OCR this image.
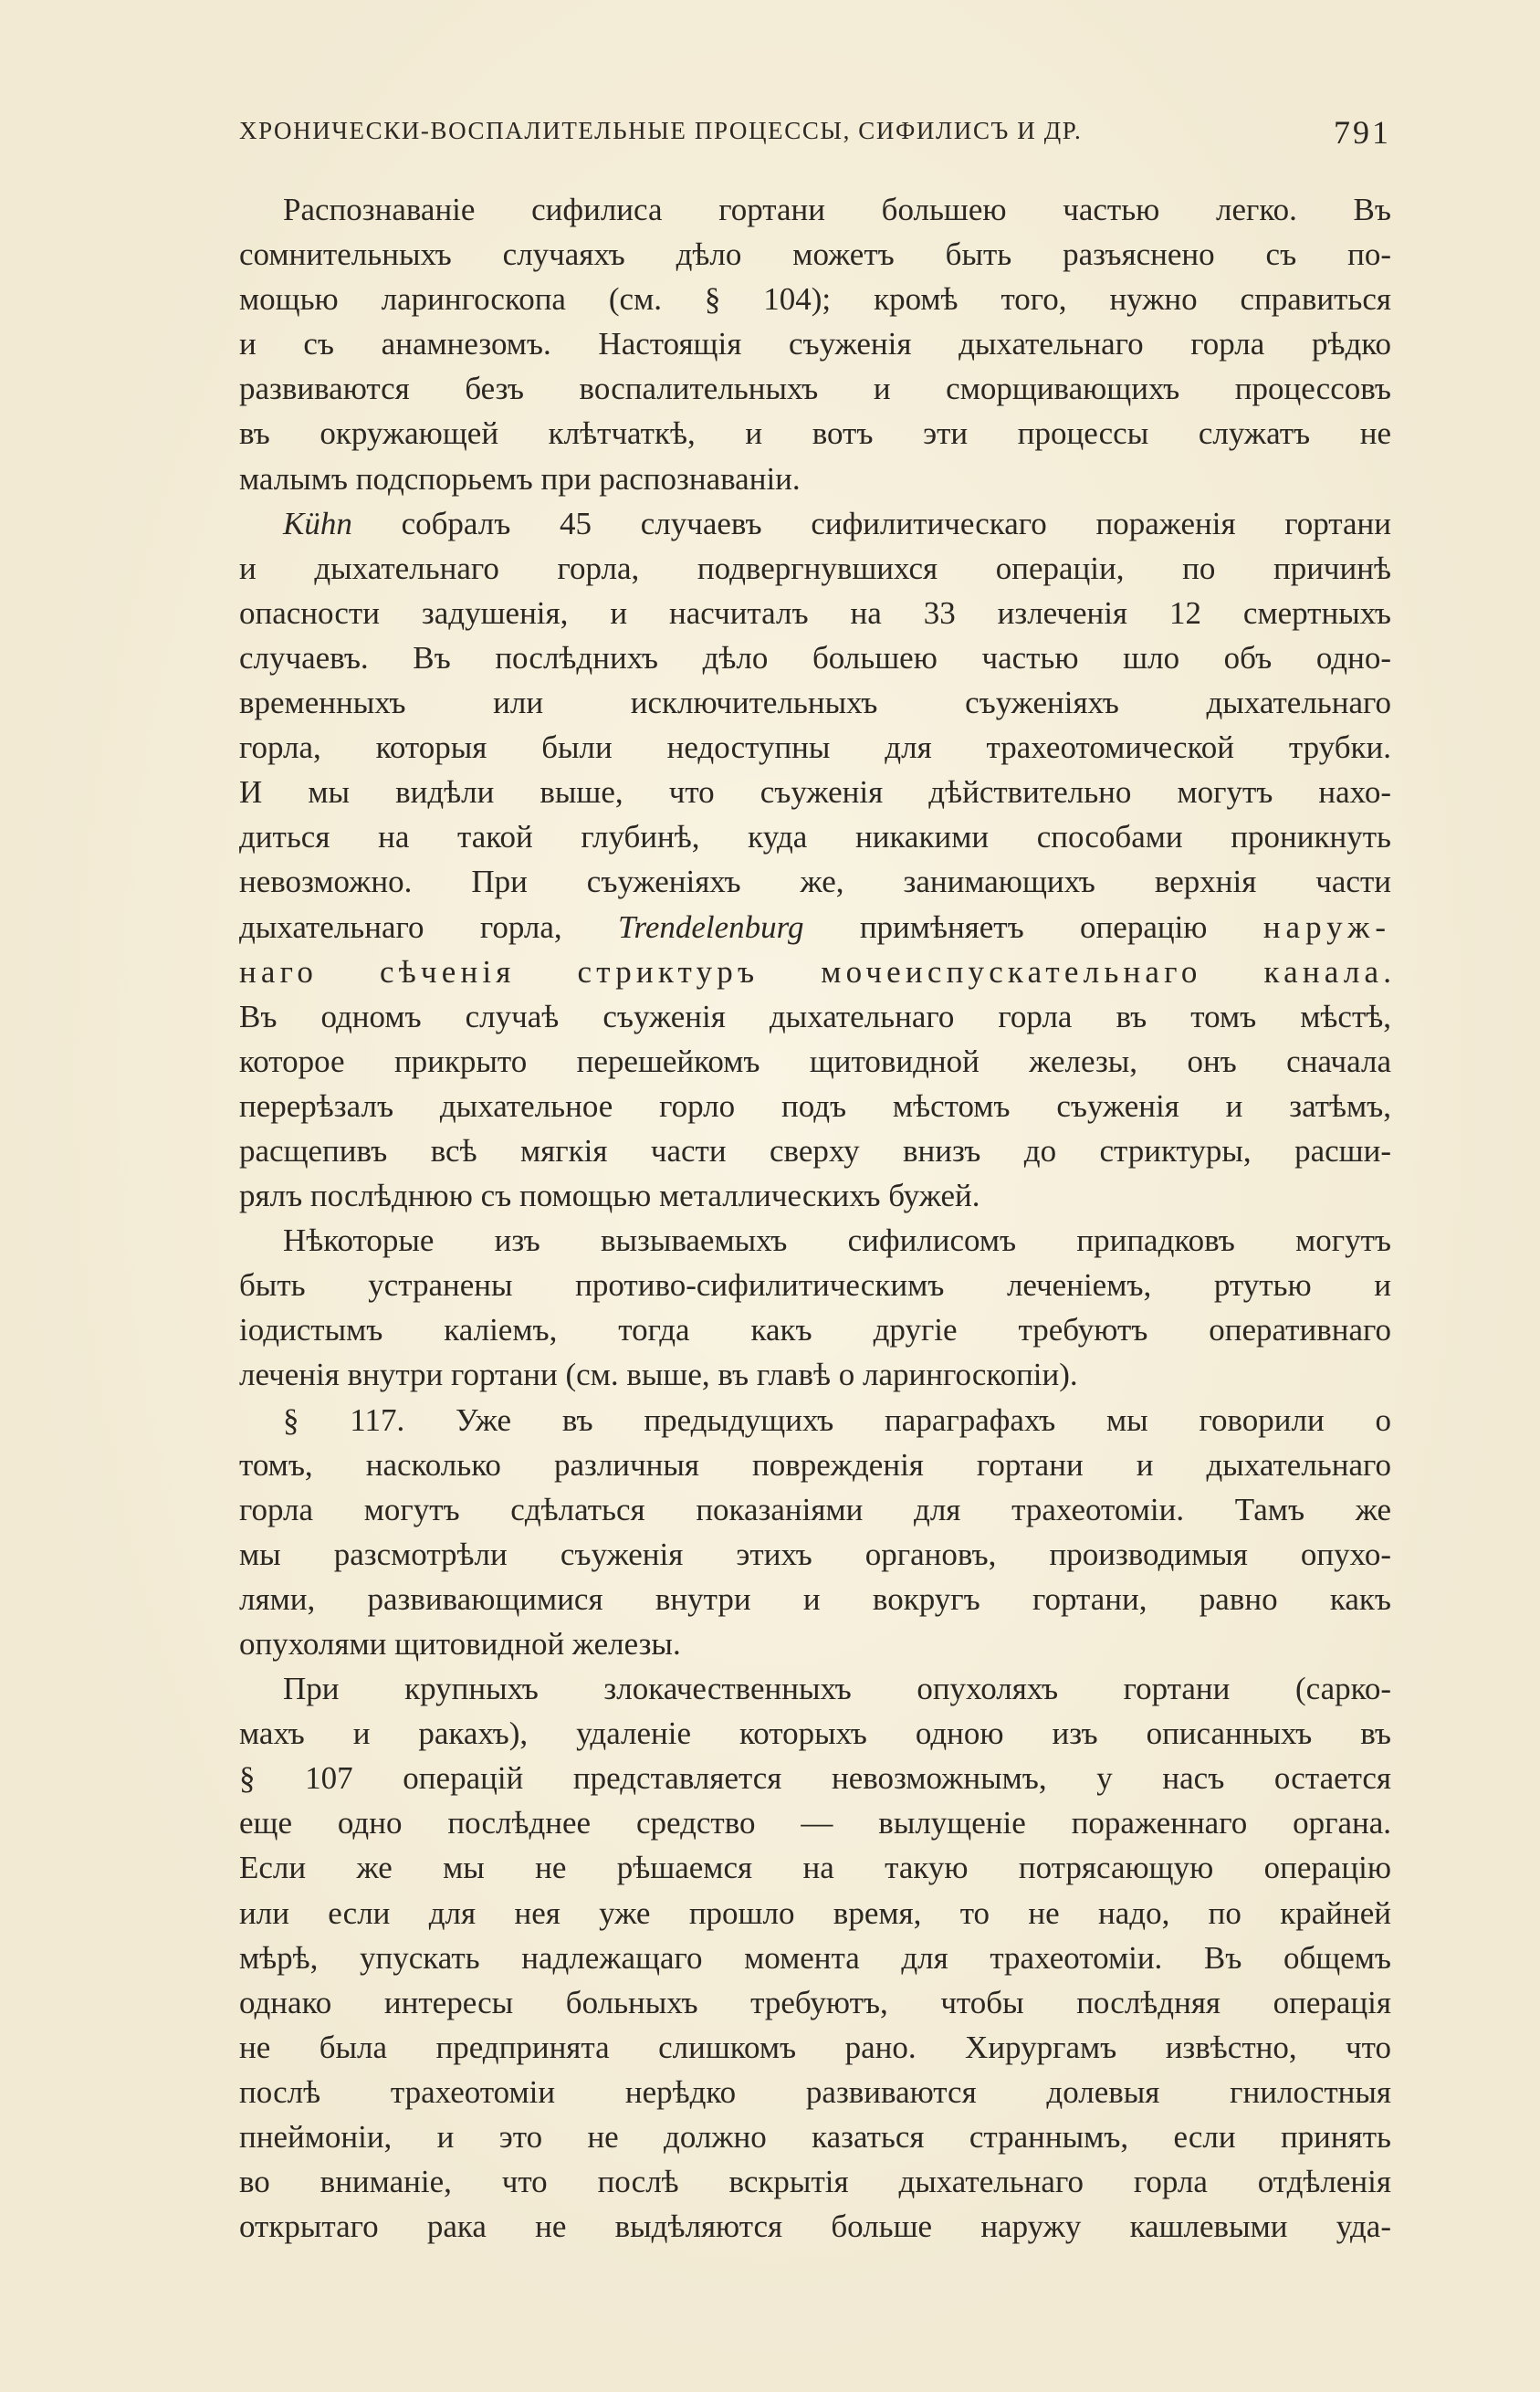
ХРОНИЧЕСКИ-ВОСПАЛИТЕЛЬНЫЕ ПРОЦЕССЫ, СИФИЛИСЪ И ДР.	791
Распознаванiе сифилиса гортани большею частью легко. Въ
сомнительныхъ случаяхъ дѣло можетъ быть разъяснено съ по-
мощью ларингоскопа (см. § 104); кромѣ того, нужно справиться
и съ анамнезомъ. Настоящiя съуженiя дыхательнаго горла рѣдко
развиваются безъ воспалительныхъ и сморщивающихъ процессовъ
въ окружающей клѣтчаткѣ, и вотъ эти процессы служатъ не
малымъ подспорьемъ при распознаванiи.
Kühn собралъ 45 случаевъ сифилитическаго пораженiя гортани
и дыхательнаго горла, подвергнувшихся операцiи, по причинѣ
опасности задушенiя, и насчиталъ на 33 излеченiя 12 смертныхъ
случаевъ. Въ послѣднихъ дѣло большею частью шло объ одно-
временныхъ или исключительныхъ съуженiяхъ дыхательнаго
горла, которыя были недоступны для трахеотомической трубки.
И мы видѣли выше, что съуженiя дѣйствительно могутъ нахо-
диться на такой глубинѣ, куда никакими способами проникнуть
невозможно. При съуженiяхъ же, занимающихъ верхнiя части
дыхательнаго горла, Trendelenburg примѣняетъ операцiю наруж-
наго сѣченiя стриктуръ мочеиспускательнаго канала.
Въ одномъ случаѣ съуженiя дыхательнаго горла въ томъ мѣстѣ,
которое прикрыто перешейкомъ щитовидной железы, онъ сначала
перерѣзалъ дыхательное горло подъ мѣстомъ съуженiя и затѣмъ,
расщепивъ всѣ мягкiя части сверху внизъ до стриктуры, расши-
рялъ послѣднюю съ помощью металлическихъ бужей.
Нѣкоторые изъ вызываемыхъ сифилисомъ припадковъ могутъ
быть устранены противо-сифилитическимъ леченiемъ, ртутью и
iодистымъ калiемъ, тогда какъ другiе требуютъ оперативнаго
леченiя внутри гортани (см. выше, въ главѣ о ларингоскопiи).
§ 117. Уже въ предыдущихъ параграфахъ мы говорили о
томъ, насколько различныя поврежденiя гортани и дыхательнаго
горла могутъ сдѣлаться показанiями для трахеотомiи. Тамъ же
мы разсмотрѣли съуженiя этихъ органовъ, производимыя опухо-
лями, развивающимися внутри и вокругъ гортани, равно какъ
опухолями щитовидной железы.
При крупныхъ злокачественныхъ опухоляхъ гортани (сарко-
махъ и ракахъ), удаленiе которыхъ одною изъ описанныхъ въ
§ 107 операцiй представляется невозможнымъ, у насъ остается
еще одно послѣднее средство — вылущенiе пораженнаго органа.
Если же мы не рѣшаемся на такую потрясающую операцiю
или если для нея уже прошло время, то не надо, по крайней
мѣрѣ, упускать надлежащаго момента для трахеотомiи. Въ общемъ
однако интересы больныхъ требуютъ, чтобы послѣдняя операцiя
не была предпринята слишкомъ рано. Хирургамъ извѣстно, что
послѣ трахеотомiи нерѣдко развиваются долевыя гнилостныя
пнеймонiи, и это не должно казаться страннымъ, если принять
во вниманiе, что послѣ вскрытiя дыхательнаго горла отдѣленiя
открытаго рака не выдѣляются больше наружу кашлевыми уда-
